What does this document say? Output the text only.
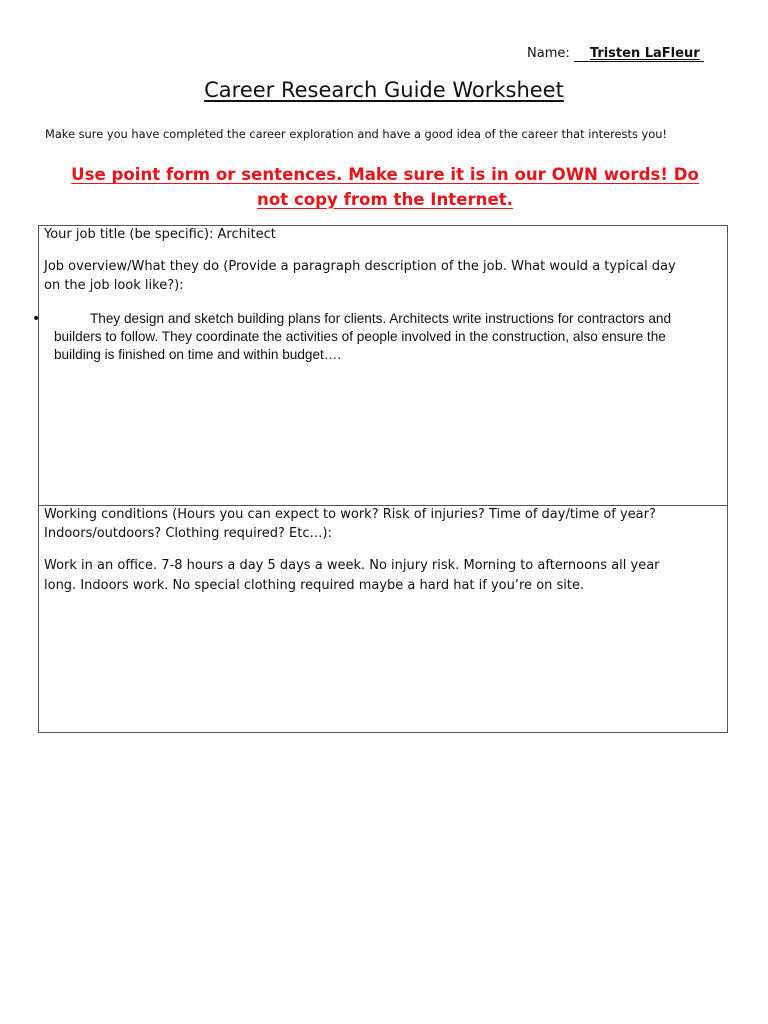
Name: Tristen LaFleur
Career Research Guide Worksheet
Make sure you have completed the career exploration and have a good idea of the career that interests you!
Use point form or sentences. Make sure it is in our OWN words! Do
not copy from the Internet.
Your job title (be specific): Architect
Job overview/What they do (Provide a paragraph description of the job. What would a typical day
on the job look like?):
•	They design and sketch building plans for clients. Architects write instructions for contractors and builders to follow. They coordinate the activities of people involved in the construction, also ensure the building is finished on time and within budget….
Working conditions (Hours you can expect to work? Risk of injuries? Time of day/time of year?
Indoors/outdoors? Clothing required? Etc…):
Work in an office. 7-8 hours a day 5 days a week. No injury risk. Morning to afternoons all year
long. Indoors work. No special clothing required maybe a hard hat if you’re on site.
